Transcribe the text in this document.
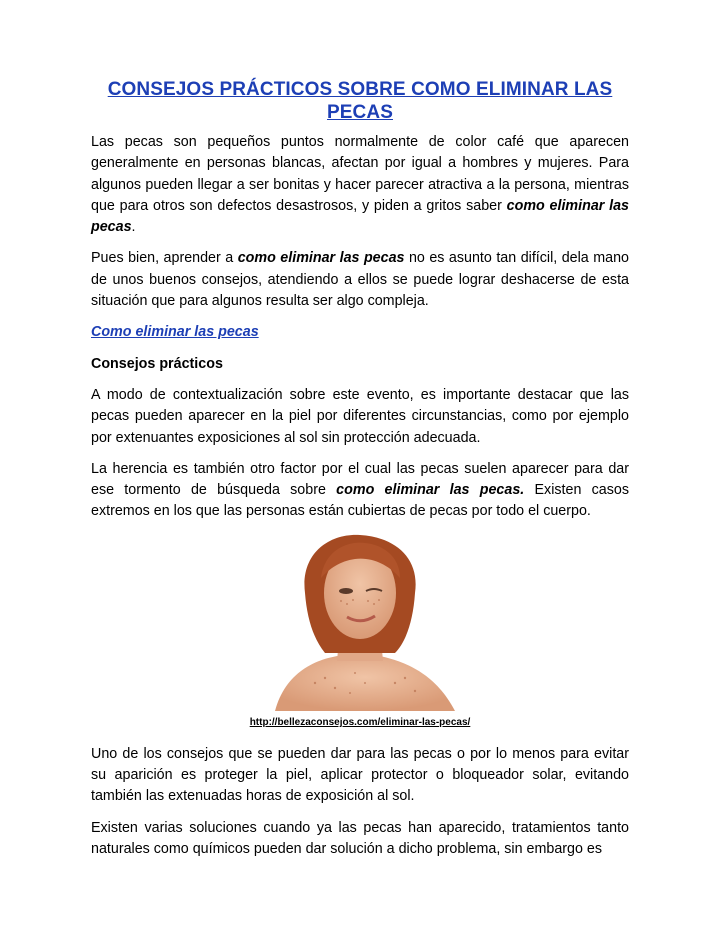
CONSEJOS PRÁCTICOS SOBRE COMO ELIMINAR LAS PECAS

Las pecas son pequeños puntos normalmente de color café que aparecen generalmente en personas blancas, afectan por igual a hombres y mujeres. Para algunos pueden llegar a ser bonitas y hacer parecer atractiva a la persona, mientras que para otros son defectos desastrosos, y piden a gritos saber como eliminar las pecas.

Pues bien, aprender a como eliminar las pecas no es asunto tan difícil, dela mano de unos buenos consejos, atendiendo a ellos se puede lograr deshacerse de esta situación que para algunos resulta ser algo compleja.

Como eliminar las pecas

Consejos prácticos

A modo de contextualización sobre este evento, es importante destacar que las pecas pueden aparecer en la piel por diferentes circunstancias, como por ejemplo por extenuantes exposiciones al sol sin protección adecuada.

La herencia es también otro factor por el cual las pecas suelen aparecer para dar ese tormento de búsqueda sobre como eliminar las pecas. Existen casos extremos en los que las personas están cubiertas de pecas por todo el cuerpo.

http://bellezaconsejos.com/eliminar-las-pecas/

Uno de los consejos que se pueden dar para las pecas o por lo menos para evitar su aparición es proteger la piel, aplicar protector o bloqueador solar, evitando también las extenuadas horas de exposición al sol.

Existen varias soluciones cuando ya las pecas han aparecido, tratamientos tanto naturales como químicos pueden dar solución a dicho problema, sin embargo es
